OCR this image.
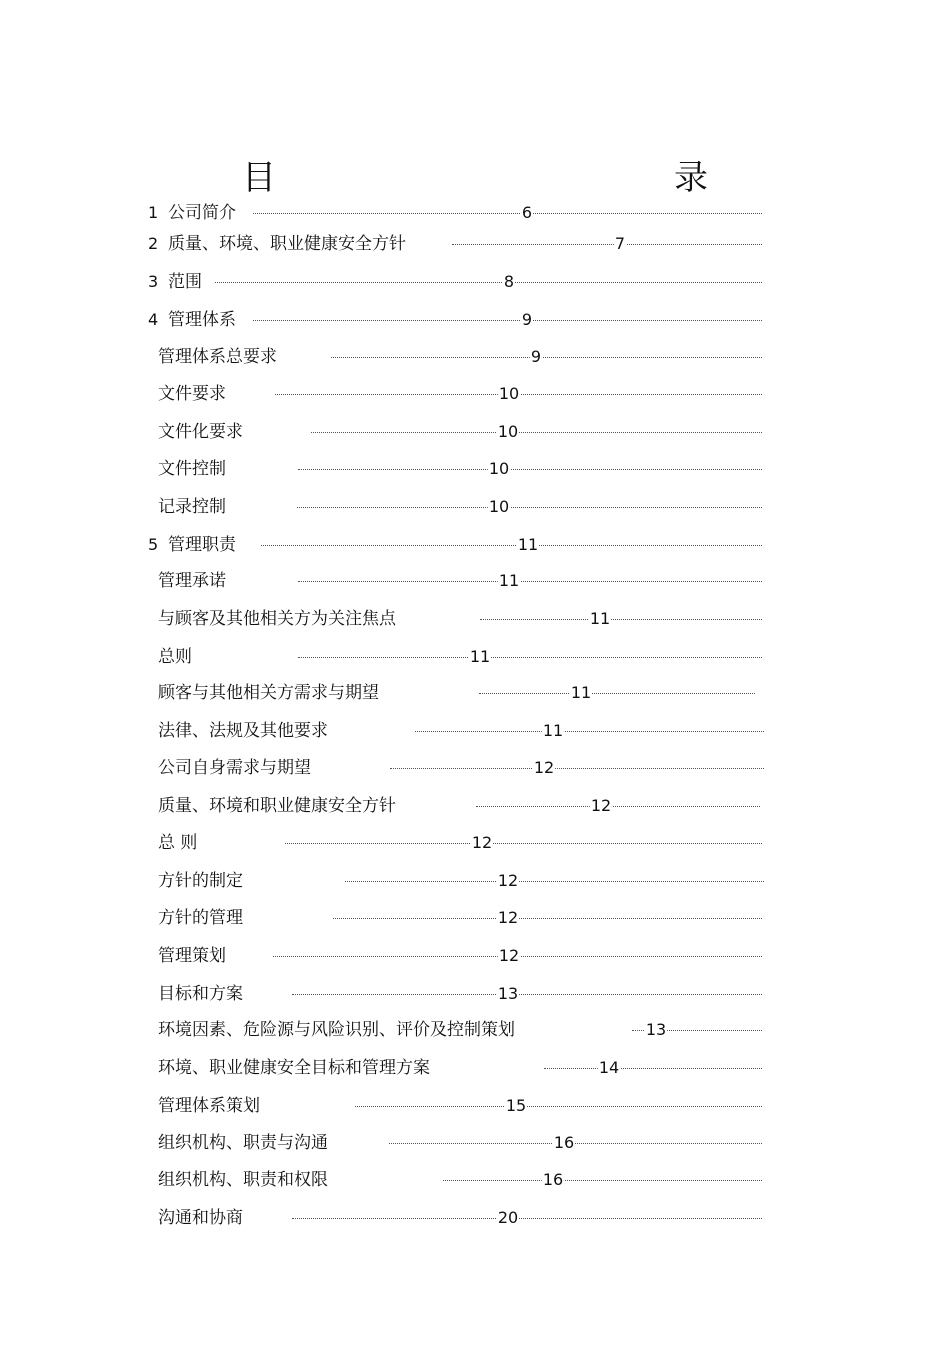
目　　录
1 公司简介	6
2 质量、环境、职业健康安全方针	7
3 范围	8
4 管理体系	9
管理体系总要求	9
文件要求	10
文件化要求	10
文件控制	10
记录控制	10
5 管理职责	11
管理承诺	11
与顾客及其他相关方为关注焦点	11
总则	11
顾客与其他相关方需求与期望	11
法律、法规及其他要求	11
公司自身需求与期望	12
质量、环境和职业健康安全方针	12
总 则	12
方针的制定	12
方针的管理	12
管理策划	12
目标和方案	13
环境因素、危险源与风险识别、评价及控制策划	13
环境、职业健康安全目标和管理方案	14
管理体系策划	15
组织机构、职责与沟通	16
组织机构、职责和权限	16
沟通和协商	20
